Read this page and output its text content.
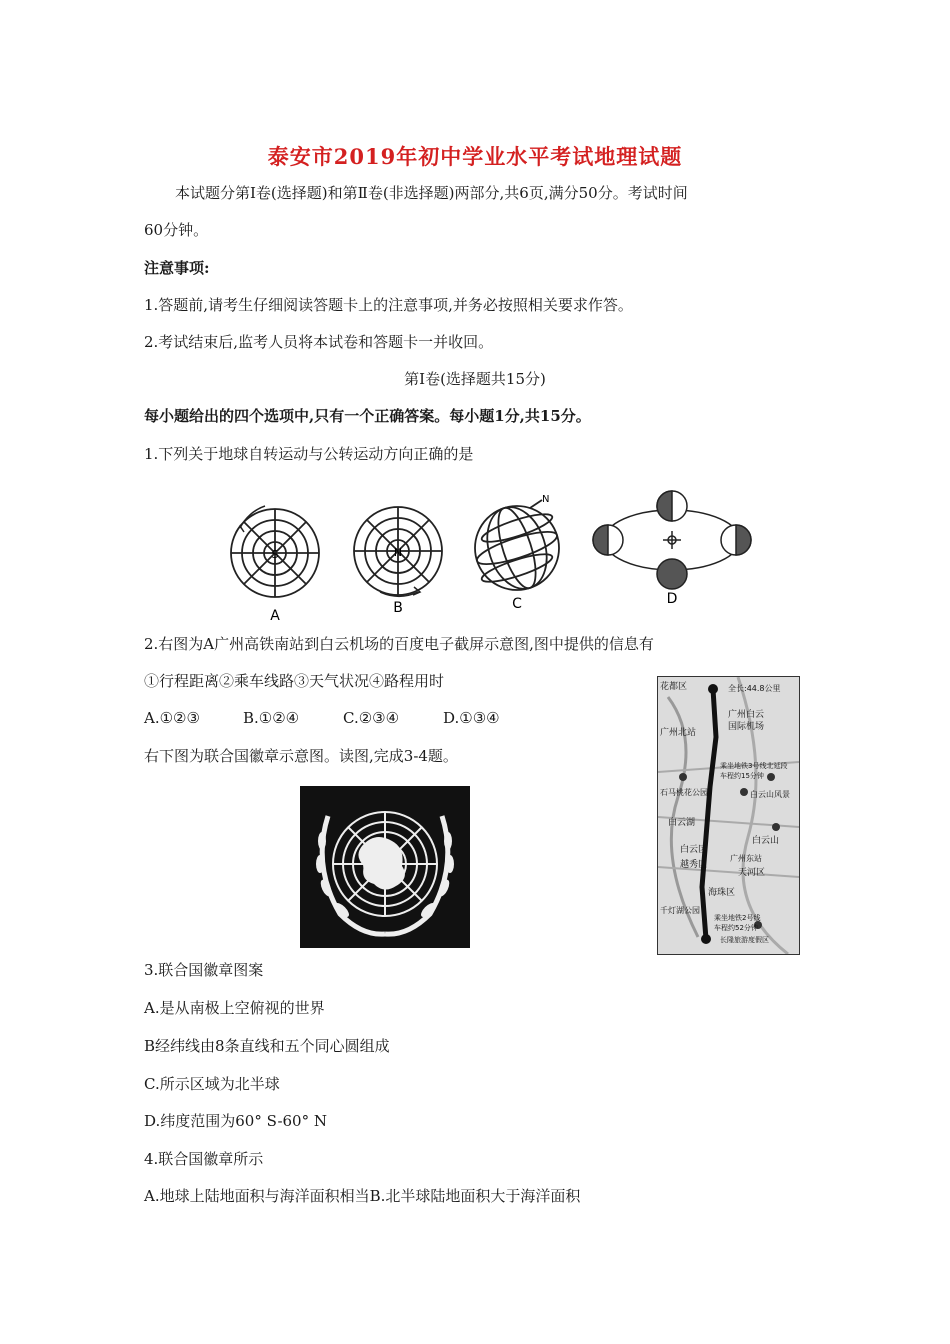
泰安市2019年初中学业水平考试地理试题
本试题分第Ⅰ卷(选择题)和第Ⅱ卷(非选择题)两部分,共6页,满分50分。考试时间
60分钟。
注意事项:
1.答题前,请考生仔细阅读答题卡上的注意事项,并务必按照相关要求作答。
2.考试结束后,监考人员将本试卷和答题卡一并收回。
第Ⅰ卷(选择题共15分)
每小题给出的四个选项中,只有一个正确答案。每小题1分,共15分。
1.下列关于地球自转运动与公转运动方向正确的是
S
A
N
B
N
C	D
2.右图为A广州高铁南站到白云机场的百度电子截屏示意图,图中提供的信息有
①行程距离②乘车线路③天气状况④路程用时
A.①②③	B.①②④	C.②③④	D.①③④
花都区	全长:44.8公里
广州白云
国际机场
广州北站
乘坐地铁3号线北延段
车程约15分钟
白云山风景
石马桃花公园
白云湖
白云山
白云区
广州东站
越秀区
天河区
海珠区
千灯湖公园
乘坐地铁2号线
车程约52分钟
长隆旅游度假区
右下图为联合国徽章示意图。读图,完成3-4题。
3.联合国徽章图案
A.是从南极上空俯视的世界
B经纬线由8条直线和五个同心圆组成
C.所示区域为北半球
D.纬度范围为60° S-60° N
4.联合国徽章所示
A.地球上陆地面积与海洋面积相当B.北半球陆地面积大于海洋面积
